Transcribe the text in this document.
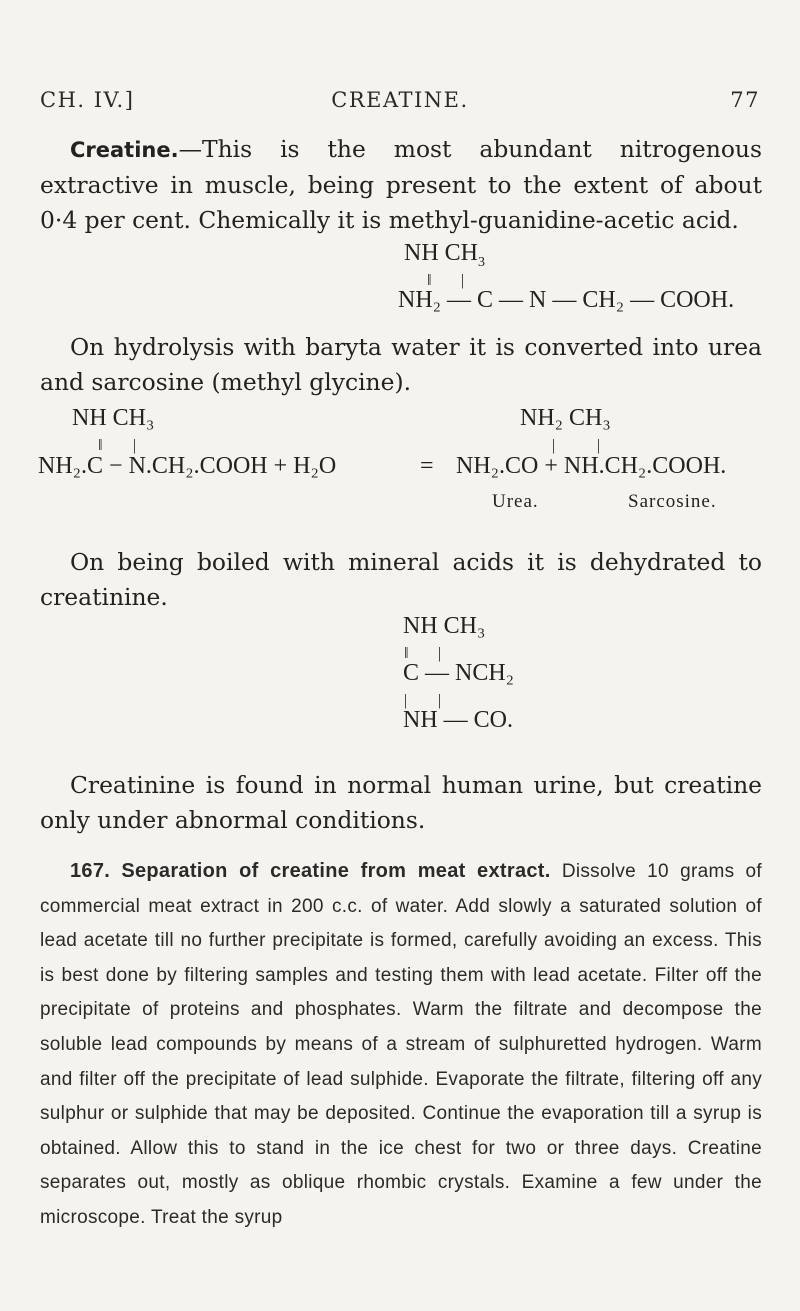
CH. IV.]	CREATINE.	77

Creatine.—This is the most abundant nitrogenous extractive in muscle, being present to the extent of about 0·4 per cent. Chemically it is methyl-guanidine-acetic acid.

NH $CH_3$
‖ |
NH₂ — C — N — CH₂ — COOH.

On hydrolysis with baryta water it is converted into urea and sarcosine (methyl glycine).

NH CH₃
‖ |
NH₂.C − N.CH₂.COOH + H₂O	=
NH₂ CH₃
|	|
NH₂.CO + NH.CH₂.COOH.
Urea.	Sarcosine.

On being boiled with mineral acids it is dehydrated to creatinine.

NH CH₃
‖ |
C — NCH₂
| |
NH — CO.

Creatinine is found in normal human urine, but creatine only under abnormal conditions.

167. Separation of creatine from meat extract. Dissolve 10 grams of commercial meat extract in 200 c.c. of water. Add slowly a saturated solution of lead acetate till no further precipitate is formed, carefully avoiding an excess. This is best done by filtering samples and testing them with lead acetate. Filter off the precipitate of proteins and phosphates. Warm the filtrate and decompose the soluble lead compounds by means of a stream of sulphuretted hydrogen. Warm and filter off the precipitate of lead sulphide. Evaporate the filtrate, filtering off any sulphur or sulphide that may be deposited. Continue the evaporation till a syrup is obtained. Allow this to stand in the ice chest for two or three days. Creatine separates out, mostly as oblique rhombic crystals. Examine a few under the microscope. Treat the syrup
